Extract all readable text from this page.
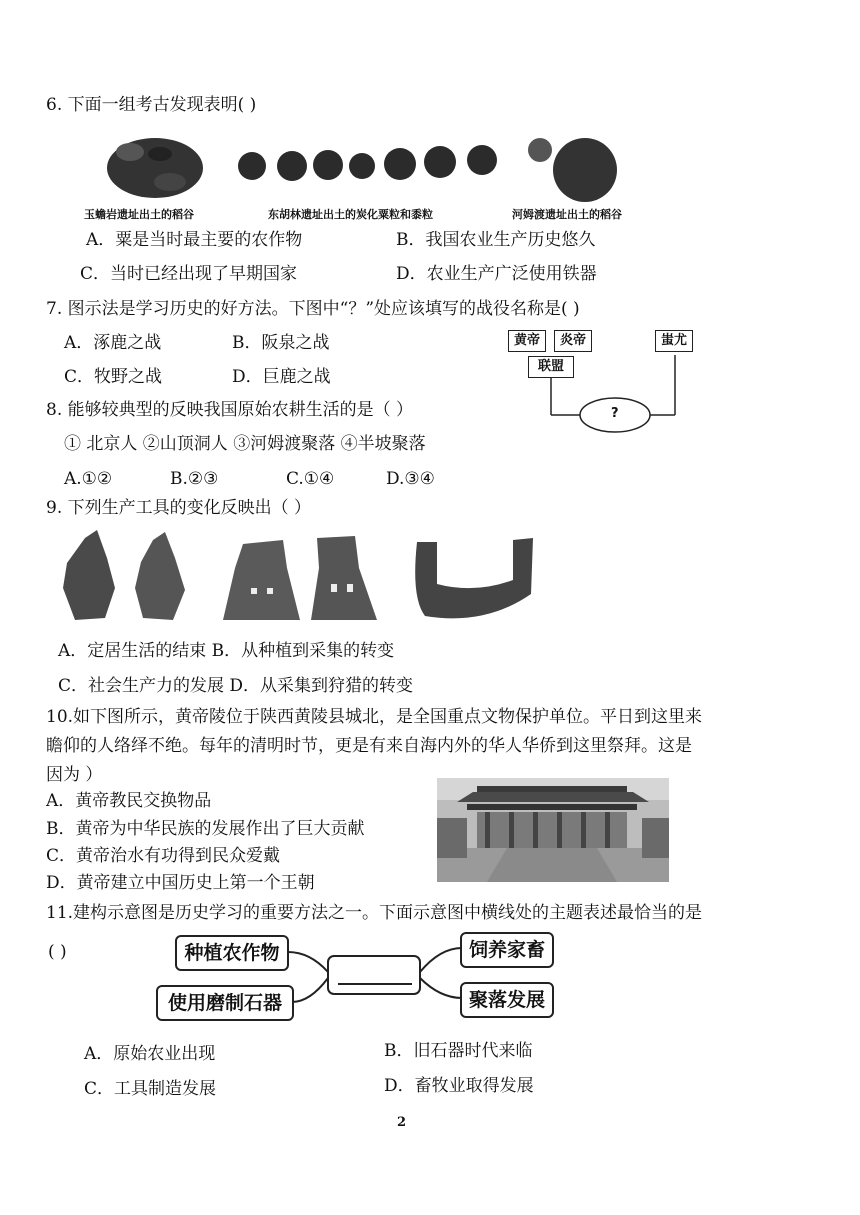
6. 下面一组考古发现表明( )
玉蟾岩遗址出土的稻谷	东胡林遗址出土的炭化粟粒和黍粒	河姆渡遗址出土的稻谷
A．粟是当时最主要的农作物	B．我国农业生产历史悠久
C．当时已经出现了早期国家	D．农业生产广泛使用铁器
7. 图示法是学习历史的好方法。下图中“？”处应该填写的战役名称是( )
A．涿鹿之战	B．阪泉之战
C．牧野之战	D．巨鹿之战
黄帝	炎帝	蚩尤
联盟
?
8. 能够较典型的反映我国原始农耕生活的是（ ）
① 北京人 ②山顶洞人 ③河姆渡聚落 ④半坡聚落
A.①②	B.②③	C.①④	D.③④
9. 下列生产工具的变化反映出（ ）
A．定居生活的结束 B．从种植到采集的转变
C．社会生产力的发展 D．从采集到狩猎的转变
10.如下图所示，黄帝陵位于陕西黄陵县城北，是全国重点文物保护单位。平日到这里来
瞻仰的人络绎不绝。每年的清明时节，更是有来自海内外的华人华侨到这里祭拜。这是
因为 ）
A．黄帝教民交换物品
B．黄帝为中华民族的发展作出了巨大贡献
C．黄帝治水有功得到民众爱戴
D．黄帝建立中国历史上第一个王朝
11.建构示意图是历史学习的重要方法之一。下面示意图中横线处的主题表述最恰当的是
( )	种植农作物
使用磨制石器
饲养家畜
聚落发展
A．原始农业出现	B．旧石器时代来临
C．工具制造发展	D．畜牧业取得发展
2
